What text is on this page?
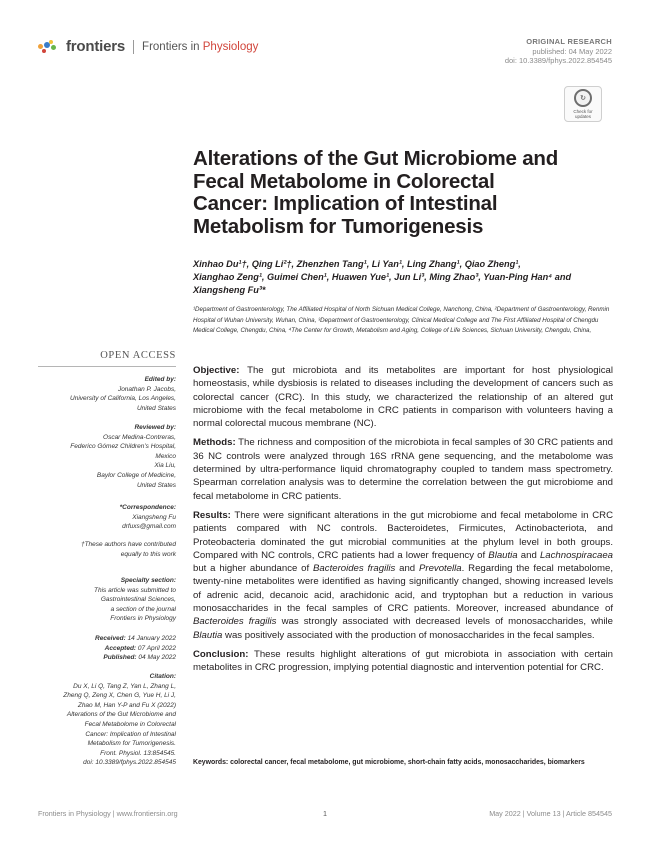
frontiers Frontiers in Physiology	ORIGINAL RESEARCH
published: 04 May 2022
doi: 10.3389/fphys.2022.854545
↻
Check for
updates
Alterations of the Gut Microbiome and
Fecal Metabolome in Colorectal
Cancer: Implication of Intestinal
Metabolism for Tumorigenesis
Xinhao Du¹†, Qing Li²†, Zhenzhen Tang¹, Li Yan¹, Ling Zhang¹, Qiao Zheng¹,
Xianghao Zeng¹, Guimei Chen¹, Huawen Yue¹, Jun Li³, Ming Zhao³, Yuan-Ping Han⁴ and
Xiangsheng Fu³*
¹Department of Gastroenterology, The Affiliated Hospital of North Sichuan Medical College, Nanchong, China, ²Department of Gastroenterology, Renmin Hospital of Wuhan University, Wuhan, China, ³Department of Gastroenterology, Clinical Medical College and The First Affiliated Hospital of Chengdu Medical College, Chengdu, China, ⁴The Center for Growth, Metabolism and Aging, College of Life Sciences, Sichuan University, Chengdu, China,
OPEN ACCESS
Edited by:
Jonathan P. Jacobs,
University of California, Los Angeles,
United States
Reviewed by:
Oscar Medina-Contreras,
Federico Gómez Children’s Hospital,
Mexico
Xia Liu,
Baylor College of Medicine,
United States
*Correspondence:
Xiangsheng Fu
drfuxs@gmail.com
†These authors have contributed
equally to this work
Specialty section:
This article was submitted to
Gastrointestinal Sciences,
a section of the journal
Frontiers in Physiology
Received: 14 January 2022
Accepted: 07 April 2022
Published: 04 May 2022
Citation:
Du X, Li Q, Tang Z, Yan L, Zhang L,
Zheng Q, Zeng X, Chen G, Yue H, Li J,
Zhao M, Han Y-P and Fu X (2022)
Alterations of the Gut Microbiome and
Fecal Metabolome in Colorectal
Cancer: Implication of Intestinal
Metabolism for Tumorigenesis.
Front. Physiol. 13:854545.
doi: 10.3389/fphys.2022.854545

Objective: The gut microbiota and its metabolites are important for host physiological homeostasis, while dysbiosis is related to diseases including the development of cancers such as colorectal cancer (CRC). In this study, we characterized the relationship of an altered gut microbiome with the fecal metabolome in CRC patients in comparison with volunteers having a normal colorectal mucous membrane (NC).

Methods: The richness and composition of the microbiota in fecal samples of 30 CRC patients and 36 NC controls were analyzed through 16S rRNA gene sequencing, and the metabolome was determined by ultra-performance liquid chromatography coupled to tandem mass spectrometry. Spearman correlation analysis was to determine the correlation between the gut microbiome and fecal metabolome in CRC patients.

Results: There were significant alterations in the gut microbiome and fecal metabolome in CRC patients compared with NC controls. Bacteroidetes, Firmicutes, Actinobacteriota, and Proteobacteria dominated the gut microbial communities at the phylum level in both groups. Compared with NC controls, CRC patients had a lower frequency of Blautia and Lachnospiracaea but a higher abundance of Bacteroides fragilis and Prevotella. Regarding the fecal metabolome, twenty-nine metabolites were identified as having significantly changed, showing increased levels of adrenic acid, decanoic acid, arachidonic acid, and tryptophan but a reduction in various monosaccharides in the fecal samples of CRC patients. Moreover, increased abundance of Bacteroides fragilis was strongly associated with decreased levels of monosaccharides, while Blautia was positively associated with the production of monosaccharides in the fecal samples.

Conclusion: These results highlight alterations of gut microbiota in association with certain metabolites in CRC progression, implying potential diagnostic and intervention potential for CRC.

Keywords: colorectal cancer, fecal metabolome, gut microbiome, short-chain fatty acids, monosaccharides, biomarkers
Frontiers in Physiology | www.frontiersin.org	1	May 2022 | Volume 13 | Article 854545
